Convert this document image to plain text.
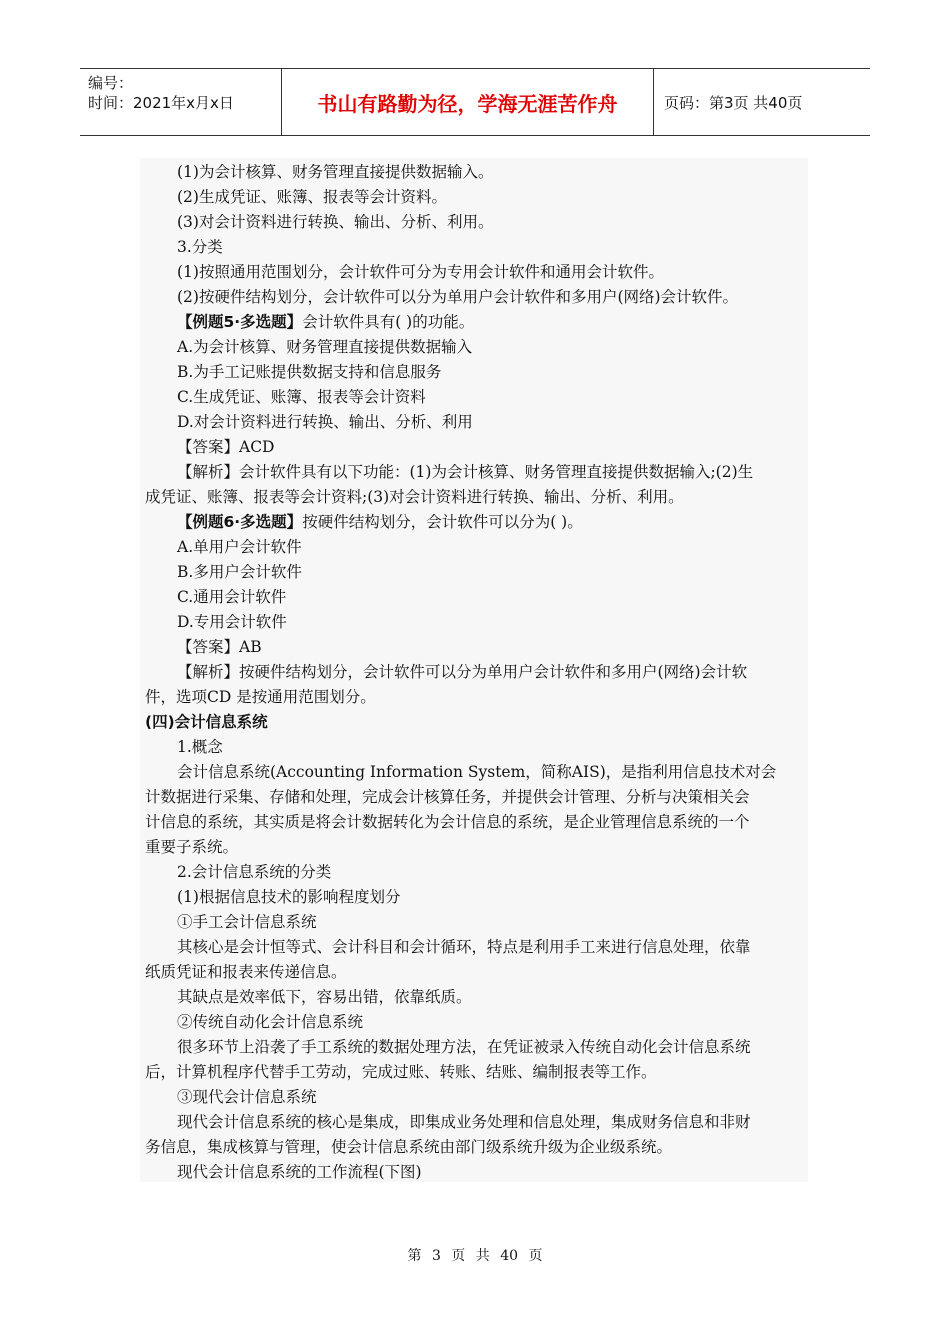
编号：
时间：2021年x月x日	书山有路勤为径，学海无涯苦作舟	页码：第3页 共40页
(1)为会计核算、财务管理直接提供数据输入。
(2)生成凭证、账簿、报表等会计资料。
(3)对会计资料进行转换、输出、分析、利用。
3.分类
(1)按照通用范围划分，会计软件可分为专用会计软件和通用会计软件。
(2)按硬件结构划分，会计软件可以分为单用户会计软件和多用户(网络)会计软件。
【例题5·多选题】会计软件具有( )的功能。
A.为会计核算、财务管理直接提供数据输入
B.为手工记账提供数据支持和信息服务
C.生成凭证、账簿、报表等会计资料
D.对会计资料进行转换、输出、分析、利用
【答案】ACD
【解析】会计软件具有以下功能：(1)为会计核算、财务管理直接提供数据输入;(2)生
成凭证、账簿、报表等会计资料;(3)对会计资料进行转换、输出、分析、利用。
【例题6·多选题】按硬件结构划分，会计软件可以分为( )。
A.单用户会计软件
B.多用户会计软件
C.通用会计软件
D.专用会计软件
【答案】AB
【解析】按硬件结构划分，会计软件可以分为单用户会计软件和多用户(网络)会计软
件，选项CD 是按通用范围划分。
(四)会计信息系统
1.概念
会计信息系统(Accounting Information System，简称AIS)，是指利用信息技术对会
计数据进行采集、存储和处理，完成会计核算任务，并提供会计管理、分析与决策相关会
计信息的系统，其实质是将会计数据转化为会计信息的系统，是企业管理信息系统的一个
重要子系统。
2.会计信息系统的分类
(1)根据信息技术的影响程度划分
①手工会计信息系统
其核心是会计恒等式、会计科目和会计循环，特点是利用手工来进行信息处理，依靠
纸质凭证和报表来传递信息。
其缺点是效率低下，容易出错，依靠纸质。
②传统自动化会计信息系统
很多环节上沿袭了手工系统的数据处理方法，在凭证被录入传统自动化会计信息系统
后，计算机程序代替手工劳动，完成过账、转账、结账、编制报表等工作。
③现代会计信息系统
现代会计信息系统的核心是集成，即集成业务处理和信息处理，集成财务信息和非财
务信息，集成核算与管理，使会计信息系统由部门级系统升级为企业级系统。
现代会计信息系统的工作流程(下图)
第 3 页 共 40 页
